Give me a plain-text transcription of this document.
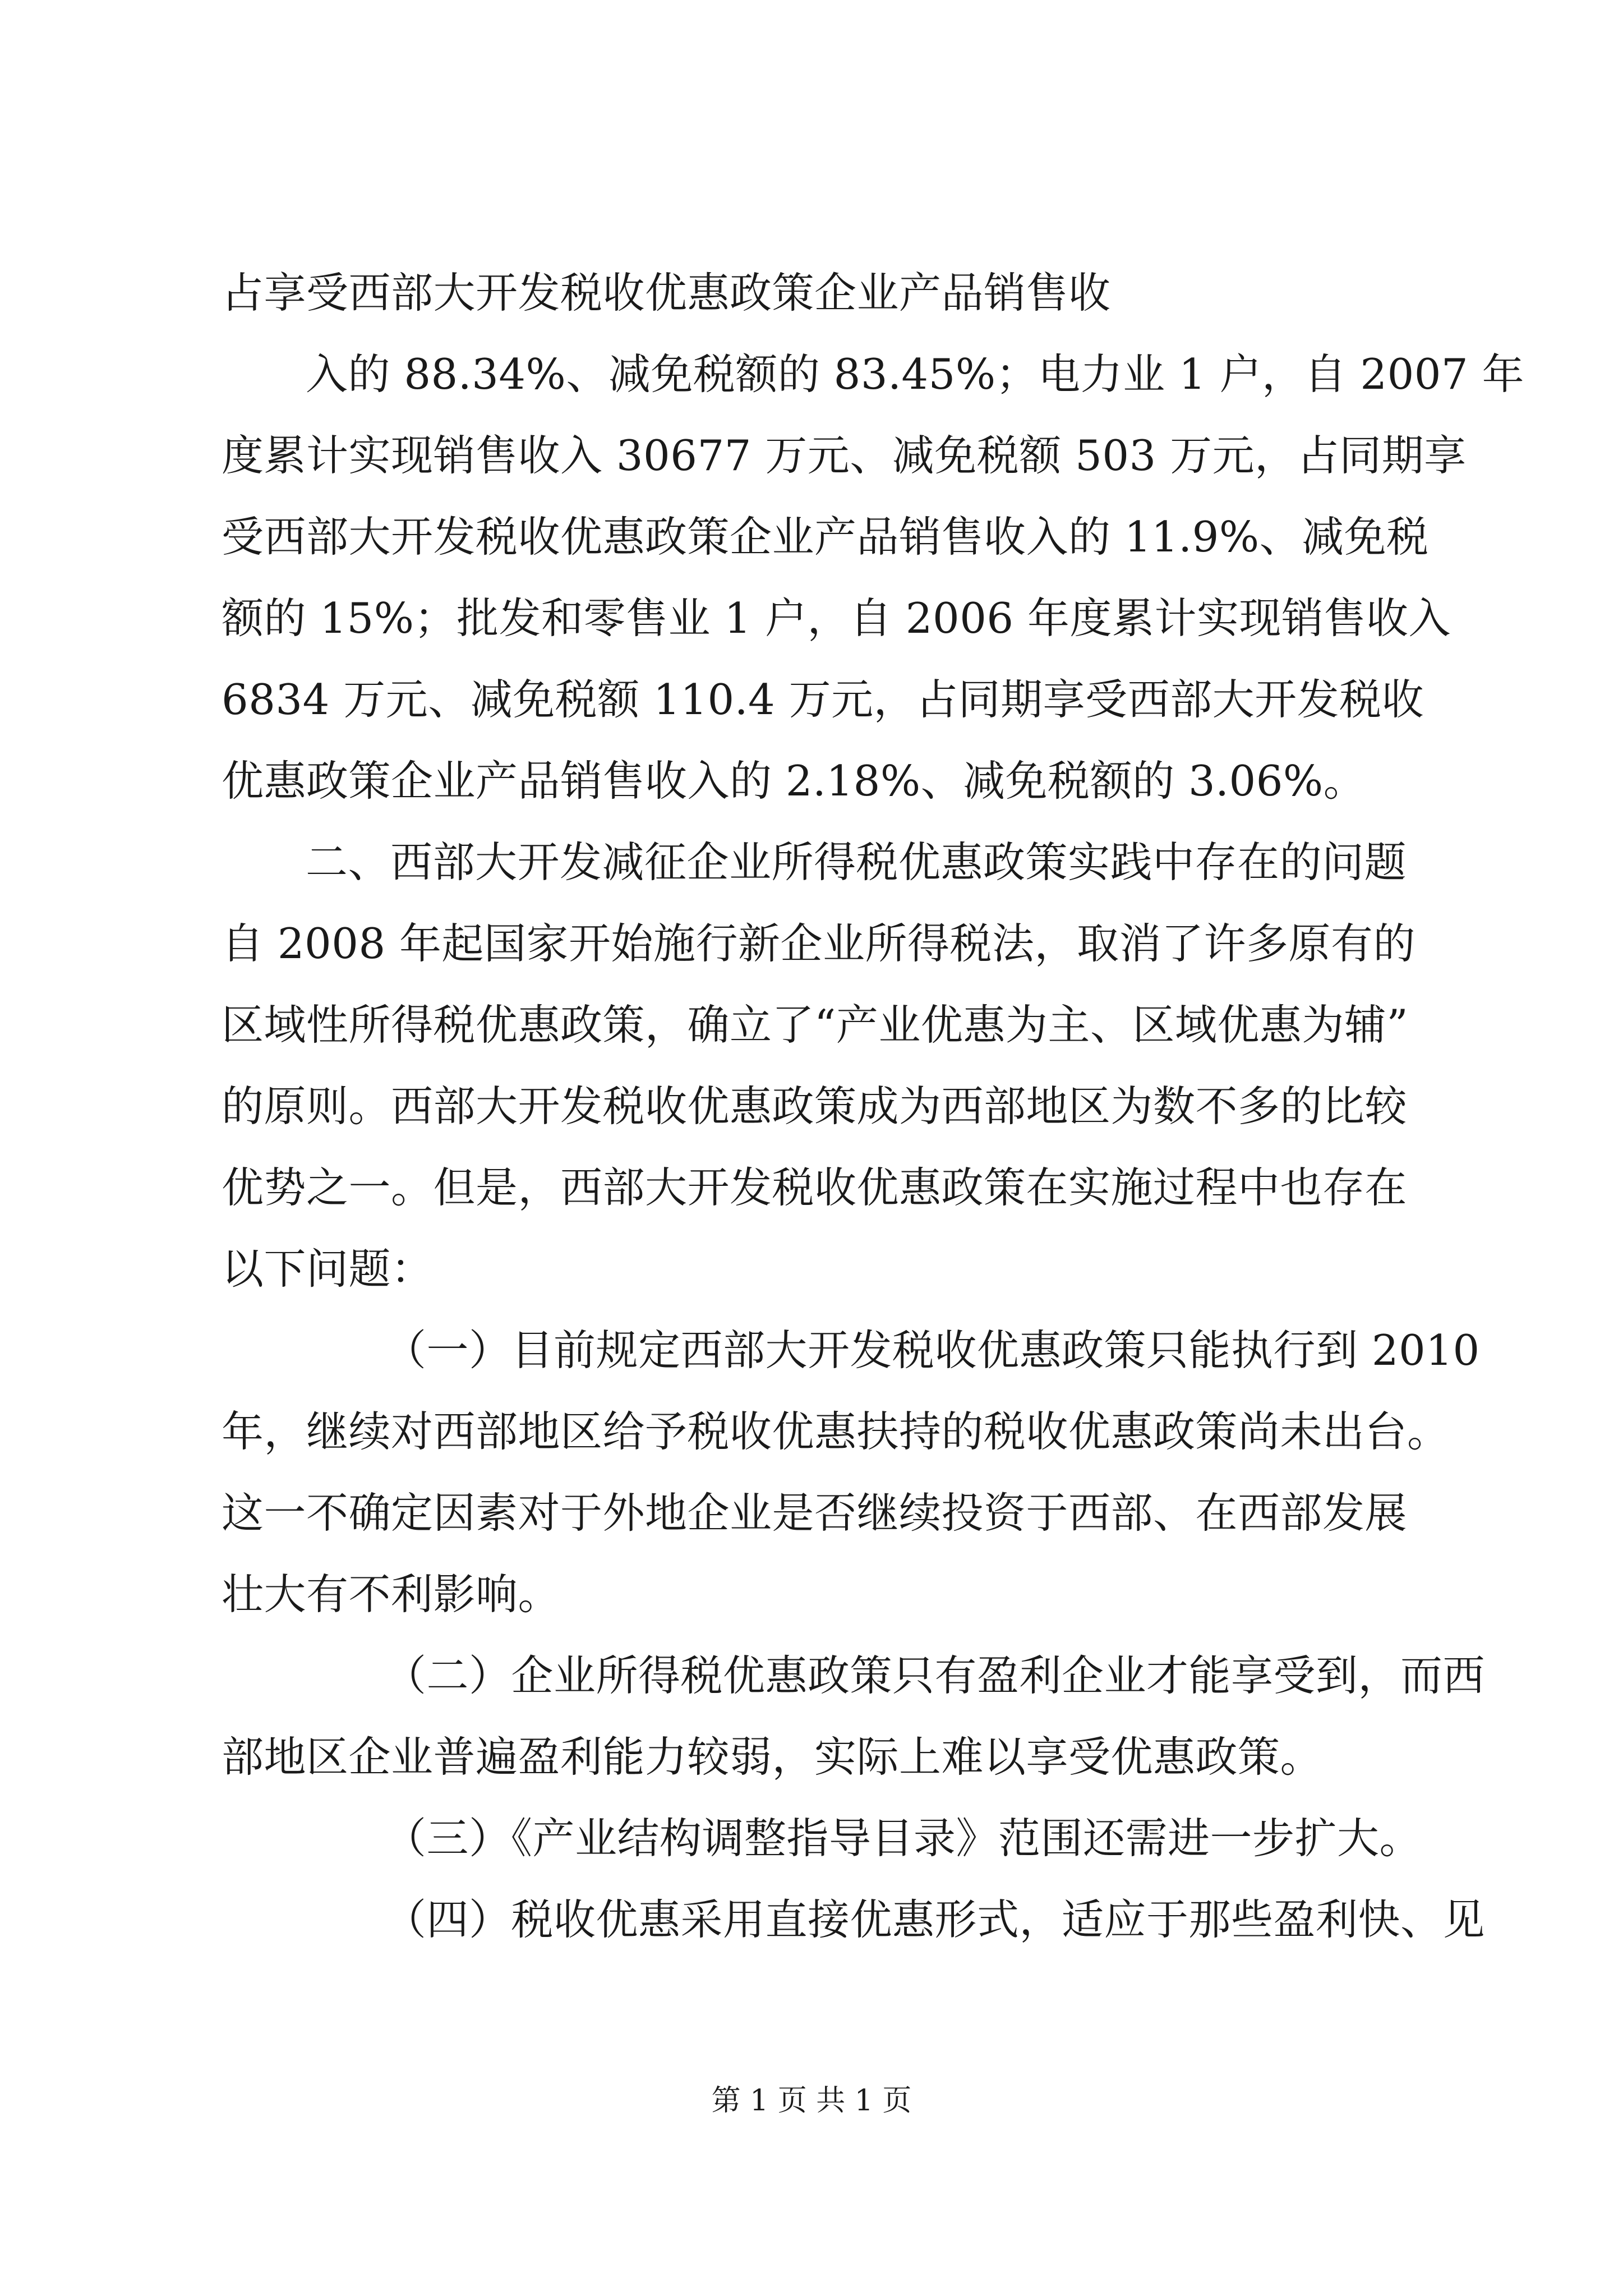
占享受西部大开发税收优惠政策企业产品销售收
入的 88.34%、减免税额的 83.45%；电力业 1 户，自 2007 年
度累计实现销售收入 30677 万元、减免税额 503 万元，占同期享
受西部大开发税收优惠政策企业产品销售收入的 11.9%、减免税
额的 15%；批发和零售业 1 户，自 2006 年度累计实现销售收入
6834 万元、减免税额 110.4 万元，占同期享受西部大开发税收
优惠政策企业产品销售收入的 2.18%、减免税额的 3.06%。
二、西部大开发减征企业所得税优惠政策实践中存在的问题
自 2008 年起国家开始施行新企业所得税法，取消了许多原有的
区域性所得税优惠政策，确立了“产业优惠为主、区域优惠为辅”
的原则。西部大开发税收优惠政策成为西部地区为数不多的比较
优势之一。但是，西部大开发税收优惠政策在实施过程中也存在
以下问题：
（一）目前规定西部大开发税收优惠政策只能执行到 2010
年，继续对西部地区给予税收优惠扶持的税收优惠政策尚未出台。
这一不确定因素对于外地企业是否继续投资于西部、在西部发展
壮大有不利影响。
（二）企业所得税优惠政策只有盈利企业才能享受到，而西
部地区企业普遍盈利能力较弱，实际上难以享受优惠政策。
（三）《产业结构调整指导目录》范围还需进一步扩大。
（四）税收优惠采用直接优惠形式，适应于那些盈利快、见
第 1 页 共 1 页
